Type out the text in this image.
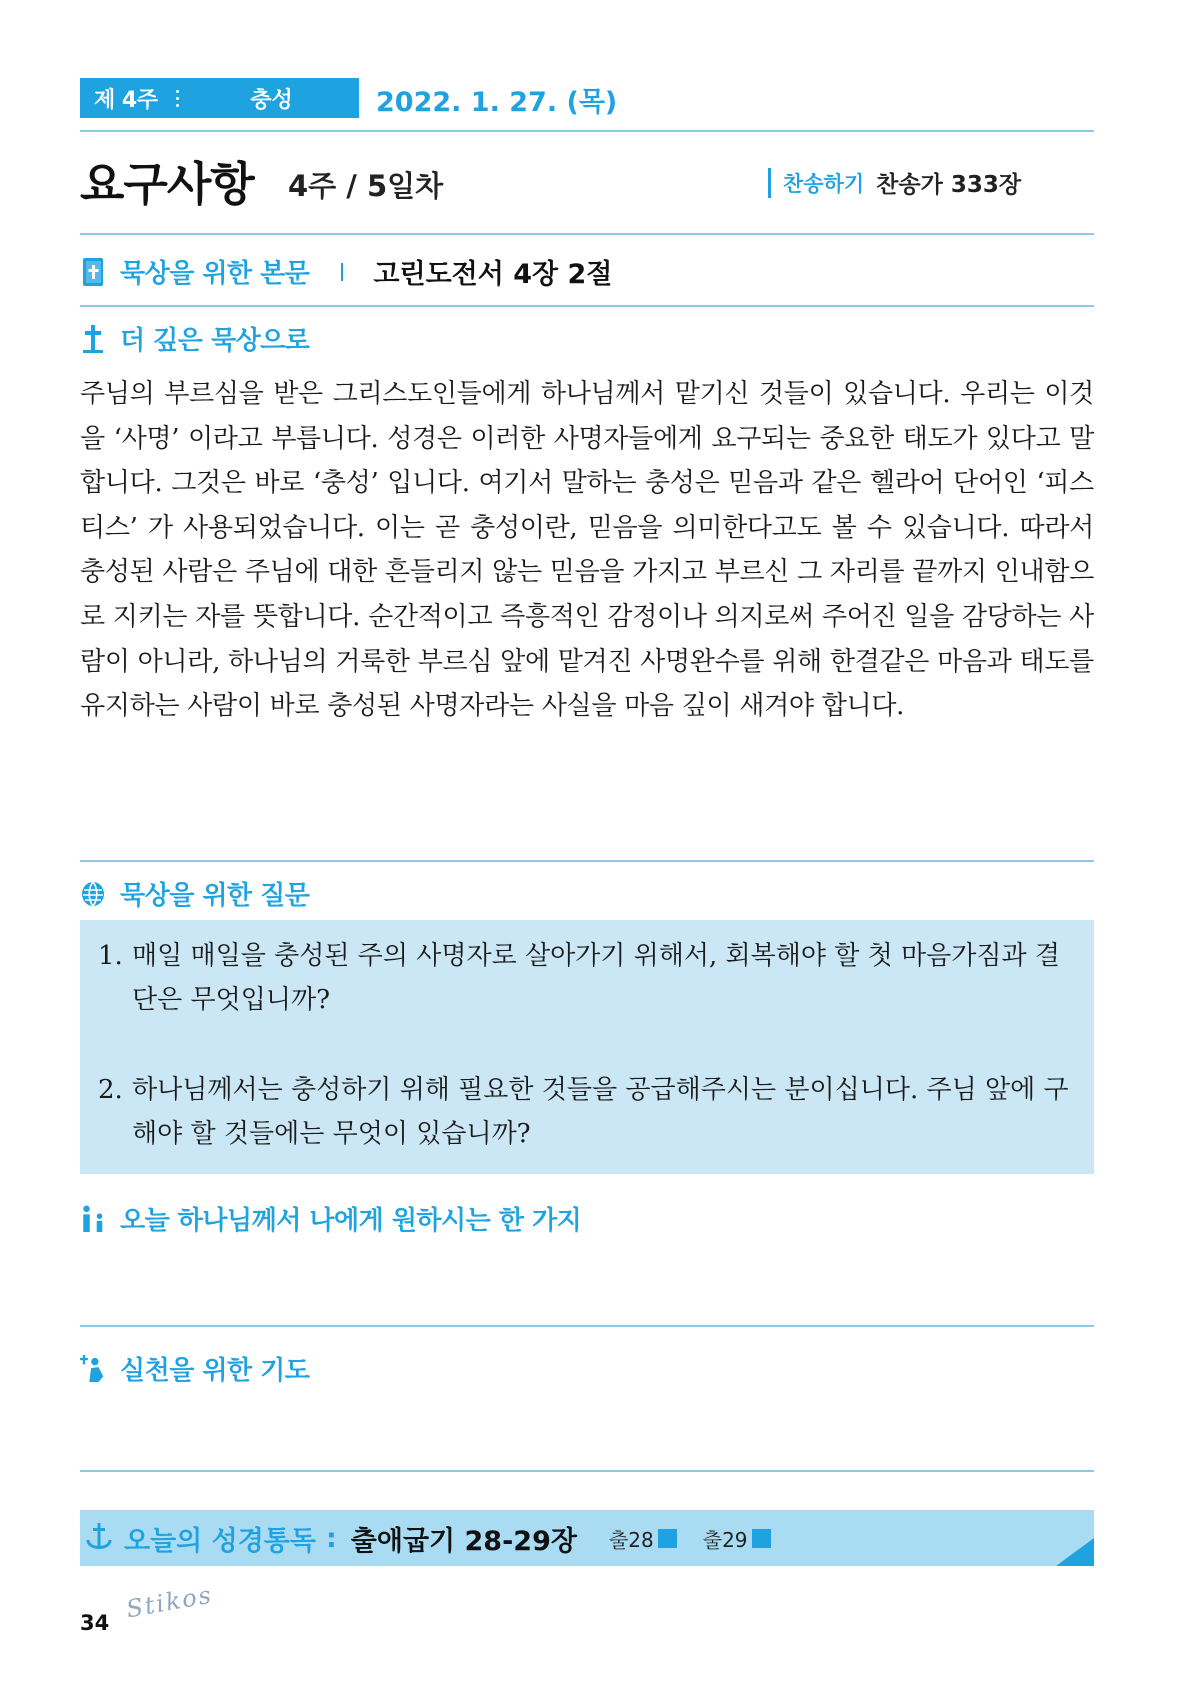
제 4주	충성	2022. 1. 27. (목)
요구사항 4주 / 5일차	찬송하기 찬송가 333장
묵상을 위한 본문 고린도전서 4장 2절
더 깊은 묵상으로
주님의 부르심을 받은 그리스도인들에게 하나님께서 맡기신 것들이 있습니다. 우리는 이것을 ‘사명’ 이라고 부릅니다. 성경은 이러한 사명자들에게 요구되는 중요한 태도가 있다고 말합니다. 그것은 바로 ‘충성’ 입니다. 여기서 말하는 충성은 믿음과 같은 헬라어 단어인 ‘피스티스’ 가 사용되었습니다. 이는 곧 충성이란, 믿음을 의미한다고도 볼 수 있습니다. 따라서 충성된 사람은 주님에 대한 흔들리지 않는 믿음을 가지고 부르신 그 자리를 끝까지 인내함으로 지키는 자를 뜻합니다. 순간적이고 즉흥적인 감정이나 의지로써 주어진 일을 감당하는 사람이 아니라, 하나님의 거룩한 부르심 앞에 맡겨진 사명완수를 위해 한결같은 마음과 태도를 유지하는 사람이 바로 충성된 사명자라는 사실을 마음 깊이 새겨야 합니다.
묵상을 위한 질문
1. 매일 매일을 충성된 주의 사명자로 살아가기 위해서, 회복해야 할 첫 마음가짐과 결단은 무엇입니까?
2. 하나님께서는 충성하기 위해 필요한 것들을 공급해주시는 분이십니다. 주님 앞에 구해야 할 것들에는 무엇이 있습니까?
오늘 하나님께서 나에게 원하시는 한 가지
실천을 위한 기도
오늘의 성경통독 : 출애굽기 28-29장 출28 출29
34 Stikos
